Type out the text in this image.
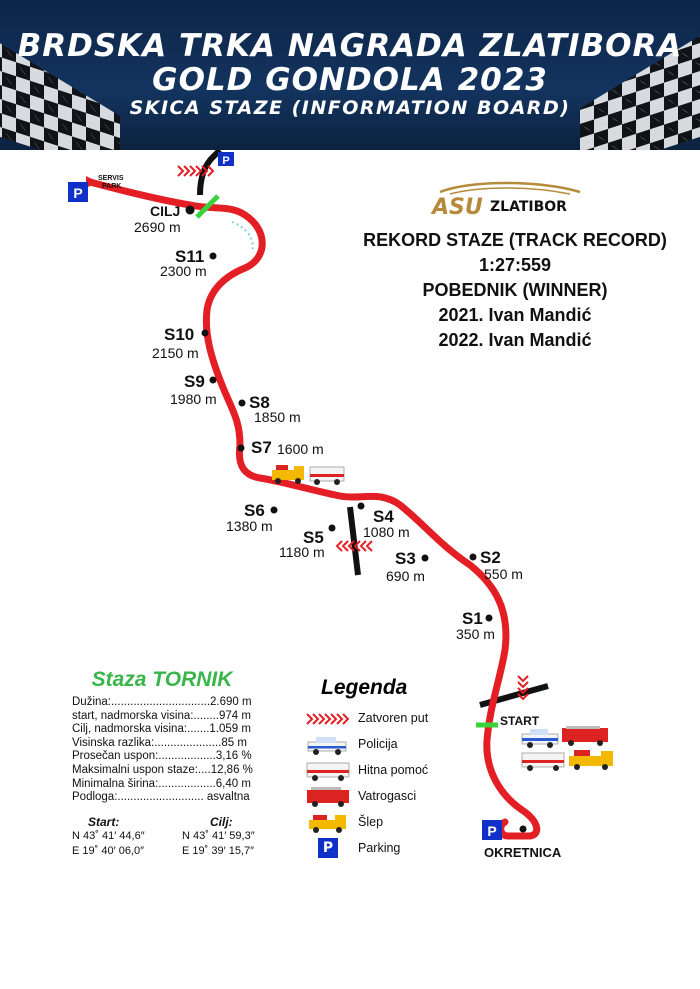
BRDSKA TRKA NAGRADA ZLATIBORA
GOLD GONDOLA 2023
SKICA STAZE (INFORMATION BOARD)
P
P
P
SERVIS
PARK
CILJ
2690 m
S11
2300 m
S10
2150 m
S9
1980 m S8
1850 m
S7 1600 m
S6
1380 m
S5
1180 m
S4
1080 m
S3
690 m
S2
550 m
S1
350 m
START
OKRETNICA
ASU ZLATIBOR
REKORD STAZE (TRACK RECORD)
1:27:559
POBEDNIK (WINNER)
2021. Ivan Mandić
2022. Ivan Mandić
Staza TORNIK
Dužina:...............................2.690 m
start, nadmorska visina:........974 m
Cilj, nadmorska visina:.......1.059 m
Visinska razlika:.....................85 m
Prosečan uspon:..................3,16 %
Maksimalni uspon staze:....12,86 %
Minimalna širina:..................6,40 m
Podloga:........................... asvaltna
Start:	Cilj:
N 43˚ 41′ 44,6″	N 43˚ 41′ 59,3″
E 19˚ 40′ 06,0″	E 19˚ 39′ 15,7″
Legenda
Zatvoren put
Policija
Hitna pomoć
Vatrogasci
Šlep
P	Parking
